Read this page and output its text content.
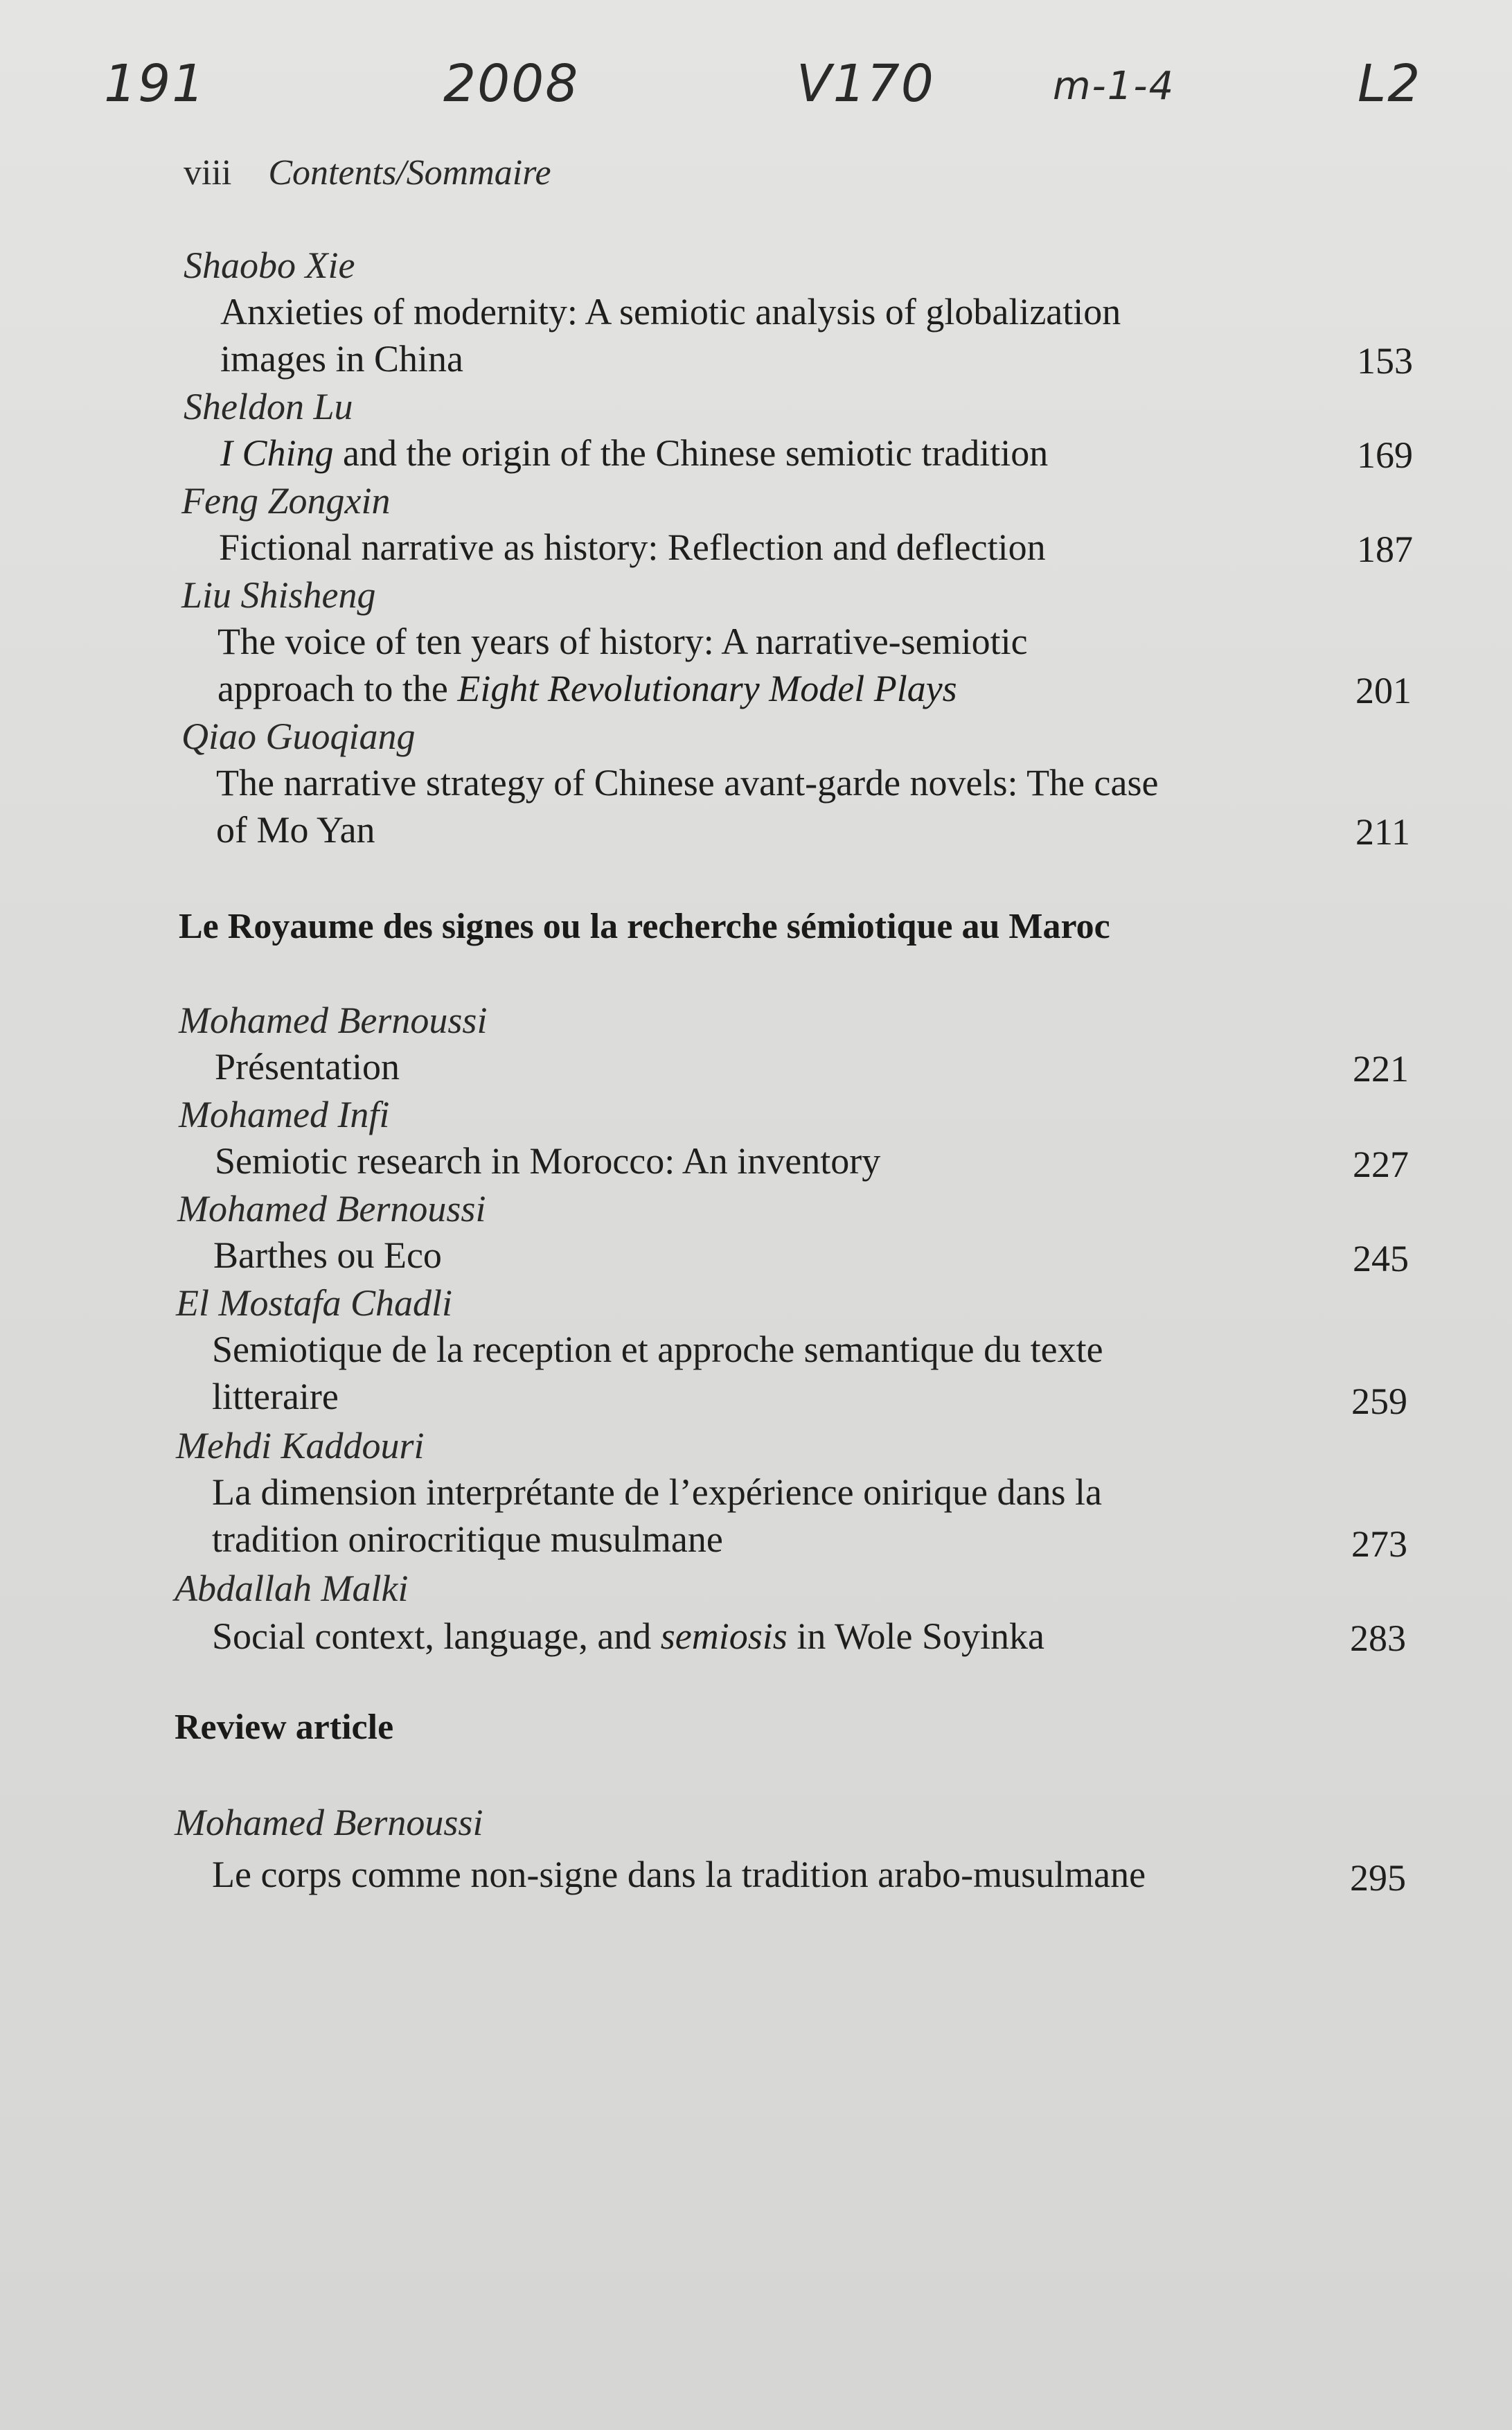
191	2008	V170	m-1-4	L2
viii Contents/Sommaire
Shaobo Xie
Anxieties of modernity: A semiotic analysis of globalization
images in China	153
Sheldon Lu
I Ching and the origin of the Chinese semiotic tradition	169
Feng Zongxin
Fictional narrative as history: Reflection and deflection	187
Liu Shisheng
The voice of ten years of history: A narrative-semiotic
approach to the Eight Revolutionary Model Plays	201
Qiao Guoqiang
The narrative strategy of Chinese avant-garde novels: The case
of Mo Yan	211
Le Royaume des signes ou la recherche sémiotique au Maroc
Mohamed Bernoussi
Présentation	221
Mohamed Infi
Semiotic research in Morocco: An inventory	227
Mohamed Bernoussi
Barthes ou Eco	245
El Mostafa Chadli
Semiotique de la reception et approche semantique du texte
litteraire	259
Mehdi Kaddouri
La dimension interprétante de l’expérience onirique dans la
tradition onirocritique musulmane	273
Abdallah Malki
Social context, language, and semiosis in Wole Soyinka	283
Review article
Mohamed Bernoussi
Le corps comme non-signe dans la tradition arabo-musulmane	295
